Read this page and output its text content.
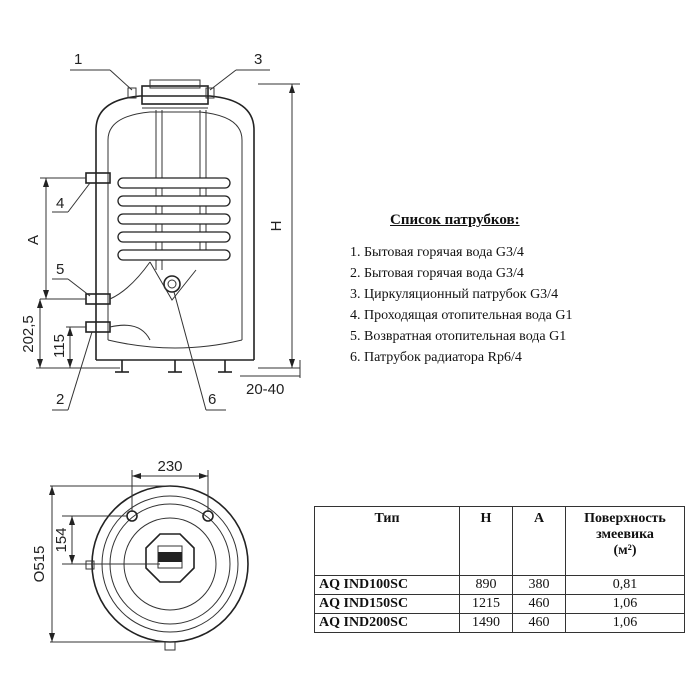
H
A
202,5 115
20-40
1	3
4
5
2	6
230
154
O515
Список патрубков:
1. Бытовая горячая вода G3/4
2. Бытовая горячая вода G3/4
3. Циркуляционный патрубок G3/4
4. Проходящая отопительная вода G1
5. Возвратная отопительная вода G1
6. Патрубок радиатора Rp6/4
Тип	H	A	Поверхность змеевика
(м²)

AQ IND100SC	890	380	0,81
AQ IND150SC	1215	460	1,06
AQ IND200SC	1490	460	1,06
